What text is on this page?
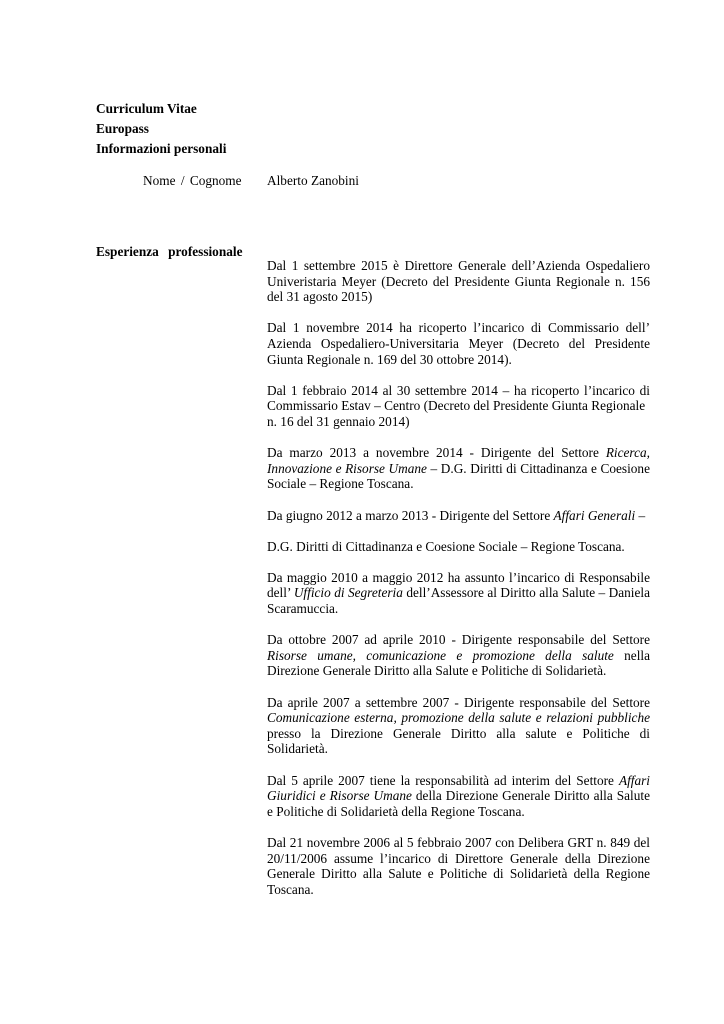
Curriculum Vitae
Europass
Informazioni personali
Nome / Cognome Alberto Zanobini
Esperienza professionale

Dal 1 settembre 2015 è Direttore Generale dell’Azienda Ospedaliero Univeristaria Meyer (Decreto del Presidente Giunta Regionale n. 156 del 31 agosto 2015)

Dal 1 novembre 2014 ha ricoperto l’incarico di Commissario dell’ Azienda Ospedaliero-Universitaria Meyer (Decreto del Presidente Giunta Regionale n. 169 del 30 ottobre 2014).

Dal 1 febbraio 2014 al 30 settembre 2014 – ha ricoperto l’incarico di Commissario Estav – Centro (Decreto del Presidente Giunta Regionale
n. 16 del 31 gennaio 2014)

Da marzo 2013 a novembre 2014 - Dirigente del Settore Ricerca, Innovazione e Risorse Umane – D.G. Diritti di Cittadinanza e Coesione Sociale – Regione Toscana.

Da giugno 2012 a marzo 2013 - Dirigente del Settore Affari Generali –

D.G. Diritti di Cittadinanza e Coesione Sociale – Regione Toscana.

Da maggio 2010 a maggio 2012 ha assunto l’incarico di Responsabile dell’ Ufficio di Segreteria dell’Assessore al Diritto alla Salute – Daniela Scaramuccia.

Da ottobre 2007 ad aprile 2010 - Dirigente responsabile del Settore Risorse umane, comunicazione e promozione della salute nella Direzione Generale Diritto alla Salute e Politiche di Solidarietà.

Da aprile 2007 a settembre 2007 - Dirigente responsabile del Settore Comunicazione esterna, promozione della salute e relazioni pubbliche presso la Direzione Generale Diritto alla salute e Politiche di Solidarietà.

Dal 5 aprile 2007 tiene la responsabilità ad interim del Settore Affari Giuridici e Risorse Umane della Direzione Generale Diritto alla Salute e Politiche di Solidarietà della Regione Toscana.

Dal 21 novembre 2006 al 5 febbraio 2007 con Delibera GRT n. 849 del 20/11/2006 assume l’incarico di Direttore Generale della Direzione Generale Diritto alla Salute e Politiche di Solidarietà della Regione Toscana.
